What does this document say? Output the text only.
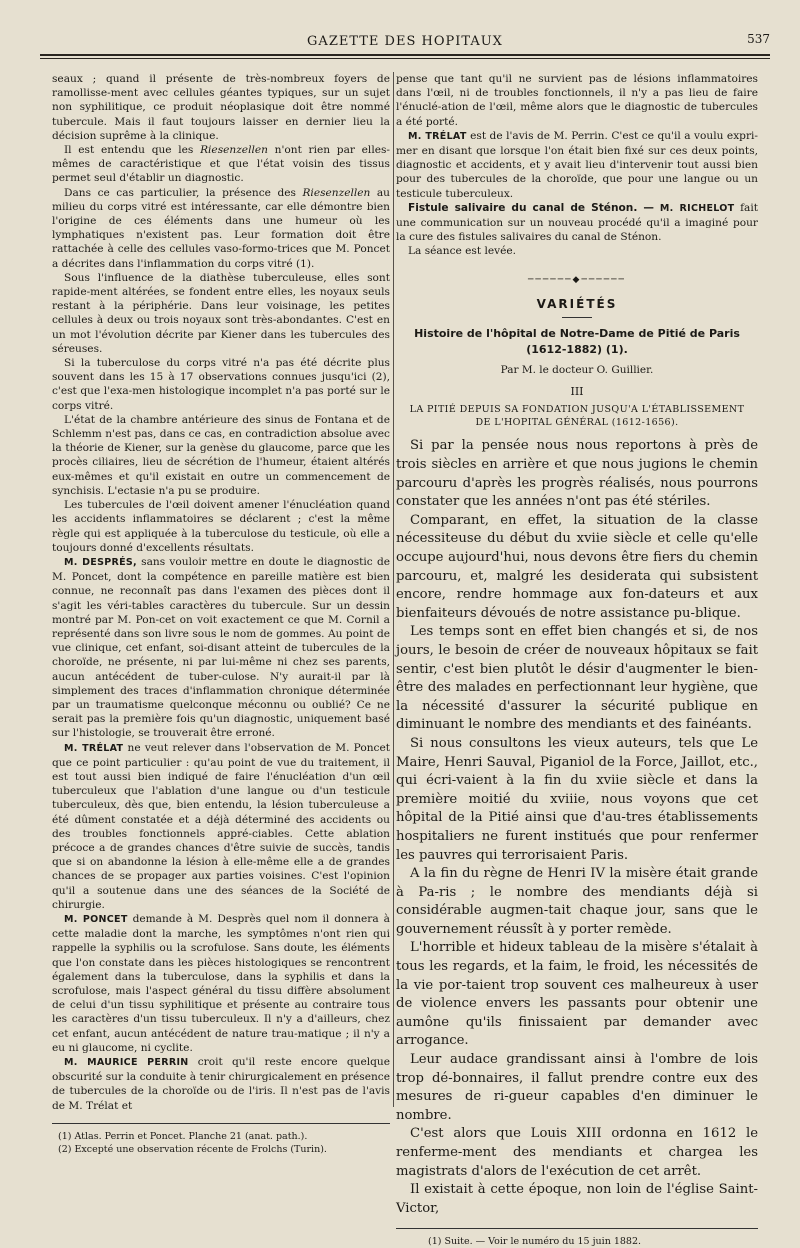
GAZETTE DES HOPITAUX	537

seaux ; quand il présente de très-nombreux foyers de ramollisse-ment avec cellules géantes typiques, sur un sujet non syphilitique, ce produit néoplasique doit être nommé tubercule. Mais il faut toujours laisser en dernier lieu la décision suprême à la clinique.

Il est entendu que les Riesenzellen n'ont rien par elles-mêmes de caractéristique et que l'état voisin des tissus permet seul d'établir un diagnostic.

Dans ce cas particulier, la présence des Riesenzellen au milieu du corps vitré est intéressante, car elle démontre bien l'origine de ces éléments dans une humeur où les lymphatiques n'existent pas. Leur formation doit être rattachée à celle des cellules vaso-formo-trices que M. Poncet a décrites dans l'inflammation du corps vitré (1).

Sous l'influence de la diathèse tuberculeuse, elles sont rapide-ment altérées, se fondent entre elles, les noyaux seuls restant à la périphérie. Dans leur voisinage, les petites cellules à deux ou trois noyaux sont très-abondantes. C'est en un mot l'évolution décrite par Kiener dans les tubercules des séreuses.

Si la tuberculose du corps vitré n'a pas été décrite plus souvent dans les 15 à 17 observations connues jusqu'ici (2), c'est que l'exa-men histologique incomplet n'a pas porté sur le corps vitré.

L'état de la chambre antérieure des sinus de Fontana et de Schlemm n'est pas, dans ce cas, en contradiction absolue avec la théorie de Kiener, sur la genèse du glaucome, parce que les procès ciliaires, lieu de sécrétion de l'humeur, étaient altérés eux-mêmes et qu'il existait en outre un commencement de synchisis. L'ectasie n'a pu se produire.

Les tubercules de l'œil doivent amener l'énucléation quand les accidents inflammatoires se déclarent ; c'est la même règle qui est appliquée à la tuberculose du testicule, où elle a toujours donné d'excellents résultats.

M. DESPRÉS, sans vouloir mettre en doute le diagnostic de M. Poncet, dont la compétence en pareille matière est bien connue, ne reconnaît pas dans l'examen des pièces dont il s'agit les véri-tables caractères du tubercule. Sur un dessin montré par M. Pon-cet on voit exactement ce que M. Cornil a représenté dans son livre sous le nom de gommes. Au point de vue clinique, cet enfant, soi-disant atteint de tubercules de la choroïde, ne présente, ni par lui-même ni chez ses parents, aucun antécédent de tuber-culose. N'y aurait-il par là simplement des traces d'inflammation chronique déterminée par un traumatisme quelconque méconnu ou oublié? Ce ne serait pas la première fois qu'un diagnostic, uniquement basé sur l'histologie, se trouverait être erroné.

M. TRÉLAT ne veut relever dans l'observation de M. Poncet que ce point particulier : qu'au point de vue du traitement, il est tout aussi bien indiqué de faire l'énucléation d'un œil tuberculeux que l'ablation d'une langue ou d'un testicule tuberculeux, dès que, bien entendu, la lésion tuberculeuse a été dûment constatée et a déjà déterminé des accidents ou des troubles fonctionnels appré-ciables. Cette ablation précoce a de grandes chances d'être suivie de succès, tandis que si on abandonne la lésion à elle-même elle a de grandes chances de se propager aux parties voisines. C'est l'opinion qu'il a soutenue dans une des séances de la Société de chirurgie.

M. PONCET demande à M. Desprès quel nom il donnera à cette maladie dont la marche, les symptômes n'ont rien qui rappelle la syphilis ou la scrofulose. Sans doute, les éléments que l'on constate dans les pièces histologiques se rencontrent également dans la tuberculose, dans la syphilis et dans la scrofulose, mais l'aspect général du tissu diffère absolument de celui d'un tissu syphilitique et présente au contraire tous les caractères d'un tissu tuberculeux. Il n'y a d'ailleurs, chez cet enfant, aucun antécédent de nature trau-matique ; il n'y a eu ni glaucome, ni cyclite.

M. MAURICE PERRIN croit qu'il reste encore quelque obscurité sur la conduite à tenir chirurgicalement en présence de tubercules de la choroïde ou de l'iris. Il n'est pas de l'avis de M. Trélat et

(1) Atlas. Perrin et Poncet. Planche 21 (anat. path.).

(2) Excepté une observation récente de Frolchs (Turin).

pense que tant qu'il ne survient pas de lésions inflammatoires dans l'œil, ni de troubles fonctionnels, il n'y a pas lieu de faire l'énuclé-ation de l'œil, même alors que le diagnostic de tubercules a été porté.

M. TRÉLAT est de l'avis de M. Perrin. C'est ce qu'il a voulu expri-mer en disant que lorsque l'on était bien fixé sur ces deux points, diagnostic et accidents, et y avait lieu d'intervenir tout aussi bien pour des tubercules de la choroïde, que pour une langue ou un testicule tuberculeux.

Fistule salivaire du canal de Sténon. — M. RICHELOT fait une communication sur un nouveau procédé qu'il a imaginé pour la cure des fistules salivaires du canal de Sténon.

La séance est levée.

──────◆──────
VARIÉTÉS
Histoire de l'hôpital de Notre-Dame de Pitié de Paris
(1612-1882) (1).
Par M. le docteur O. Guillier.
III
LA PITIÉ DEPUIS SA FONDATION JUSQU'A L'ÉTABLISSEMENT
DE L'HOPITAL GÉNÉRAL (1612-1656).

Si par la pensée nous nous reportons à près de trois siècles en arrière et que nous jugions le chemin parcouru d'après les progrès réalisés, nous pourrons constater que les années n'ont pas été stériles.

Comparant, en effet, la situation de la classe nécessiteuse du début du xviie siècle et celle qu'elle occupe aujourd'hui, nous devons être fiers du chemin parcouru, et, malgré les desiderata qui subsistent encore, rendre hommage aux fon-dateurs et aux bienfaiteurs dévoués de notre assistance pu-blique.

Les temps sont en effet bien changés et si, de nos jours, le besoin de créer de nouveaux hôpitaux se fait sentir, c'est bien plutôt le désir d'augmenter le bien-être des malades en perfectionnant leur hygiène, que la nécessité d'assurer la sécurité publique en diminuant le nombre des mendiants et des fainéants.

Si nous consultons les vieux auteurs, tels que Le Maire, Henri Sauval, Piganiol de la Force, Jaillot, etc., qui écri-vaient à la fin du xviie siècle et dans la première moitié du xviiie, nous voyons que cet hôpital de la Pitié ainsi que d'au-tres établissements hospitaliers ne furent institués que pour renfermer les pauvres qui terrorisaient Paris.

A la fin du règne de Henri IV la misère était grande à Pa-ris ; le nombre des mendiants déjà si considérable augmen-tait chaque jour, sans que le gouvernement réussît à y porter remède.

L'horrible et hideux tableau de la misère s'étalait à tous les regards, et la faim, le froid, les nécessités de la vie por-taient trop souvent ces malheureux à user de violence envers les passants pour obtenir une aumône qu'ils finissaient par demander avec arrogance.

Leur audace grandissant ainsi à l'ombre de lois trop dé-bonnaires, il fallut prendre contre eux des mesures de ri-gueur capables d'en diminuer le nombre.

C'est alors que Louis XIII ordonna en 1612 le renferme-ment des mendiants et chargea les magistrats d'alors de l'exécution de cet arrêt.

Il existait à cette époque, non loin de l'église Saint-Victor,

(1) Suite. — Voir le numéro du 15 juin 1882.
